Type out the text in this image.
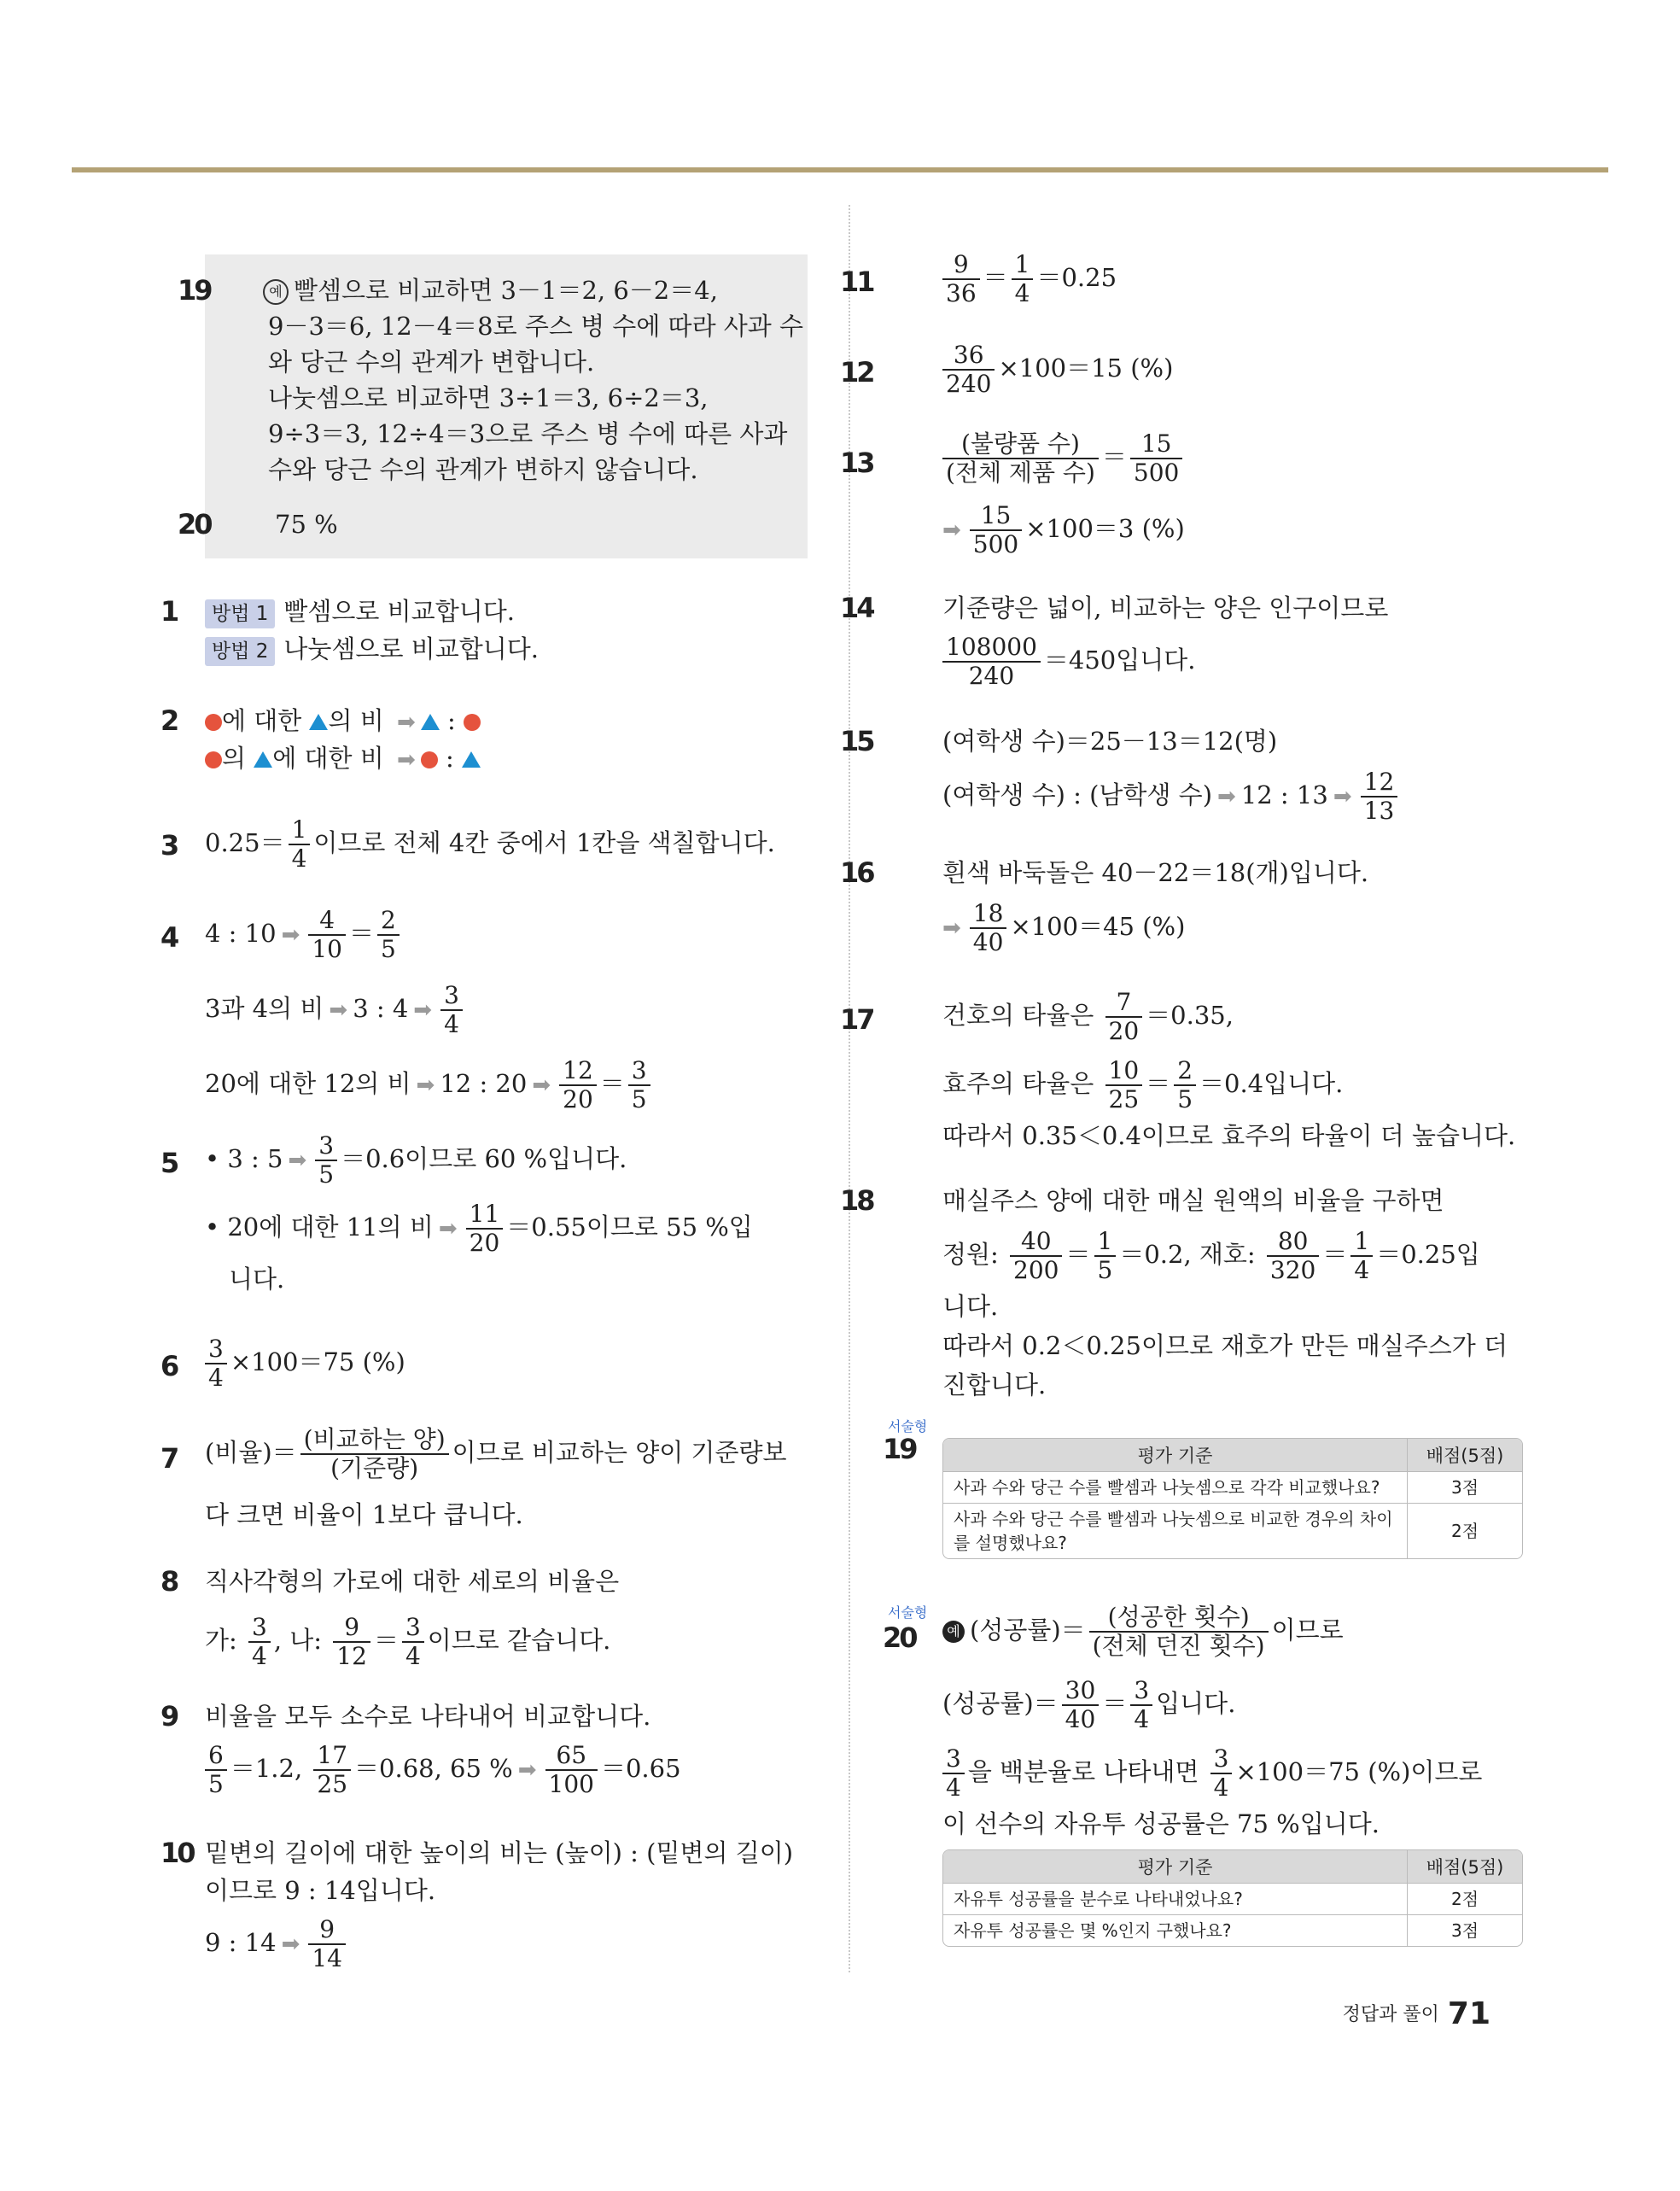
19	예 빨셈으로 비교하면 3－1＝2, 6－2＝4,
9－3＝6, 12－4＝8로 주스 병 수에 따라 사과 수
와 당근 수의 관계가 변합니다.
나눗셈으로 비교하면 3÷1＝3, 6÷2＝3,
9÷3＝3, 12÷4＝3으로 주스 병 수에 따른 사과
수와 당근 수의 관계가 변하지 않습니다.
20	75 %
1	방법 1 빨셈으로 비교합니다.
방법 2 나눗셈으로 비교합니다.
2	에 대한 의 비 ➡ :
의 에 대한 비 ➡ :
3 $0.25= \frac{1}{4}$ 이므로 전체 4칸 중에서 1칸을 색칠합니다.
4 4 : 10 ➡ $\frac{4}{10} = \frac{2}{5}$
3과 4의 비 ➡ 3 : 4 ➡ $\frac{3}{4}$
20에 대한 12의 비 ➡ 12 : 20 ➡ $\frac{12}{20} = \frac{3}{5}$
5 • 3 : 5 ➡ $\frac{3}{5} =0.6$이므로 60 %입니다.
• 20에 대한 11의 비 ➡ $\frac{11}{20} =0.55$이므로 55 %입
니다.
$6 \frac{3}{4} \times 100=75$ (%)
7 (비율)＝ $\frac{\text{(비교하는 양)}}{\text{(기준량)}}$ 이므로 비교하는 양이 기준량보
다 크면 비율이 1보다 큽니다.
8 직사각형의 가로에 대한 세로의 비율은
가: $\frac{3}{4}$ , 나: $\frac{9}{12} = \frac{3}{4}$ 이므로 같습니다.
9 비율을 모두 소수로 나타내어 비교합니다.
$\frac{6}{5} =1.2$, $\frac{17}{25} =0.68$, 65 % ➡ $\frac{65}{100} =0.65$
10 밑변의 길이에 대한 높이의 비는 (높이) : (밑변의 길이)
이므로 9 : 14입니다.
9 : 14 ➡ $\frac{9}{14}$
11	$\frac{9}{36} = \frac{1}{4} =0.25$
12	$\frac{36}{240} \times 100=15$ (%)
13	$\frac{\text{(불량품 수)}}{\text{(전체 제품 수)}} = \frac{15}{500}$
➡ $\frac{15}{500} \times 100=3$ (%)
14	기준량은 넓이, 비교하는 양은 인구이므로
$\frac{108000}{240} =450$입니다.
15	(여학생 수)＝25－13＝12(명)
(여학생 수) : (남학생 수) ➡ 12 : 13 ➡ $\frac{12}{13}$
16	흰색 바둑돌은 40－22＝18(개)입니다.
➡ $\frac{18}{40} \times 100=45$ (%)
17	건호의 타율은 $\frac{7}{20} =0.35$,
효주의 타율은 $\frac{10}{25} = \frac{2}{5} =0.4$입니다.
따라서 0.35＜0.4이므로 효주의 타율이 더 높습니다.
18	매실주스 양에 대한 매실 원액의 비율을 구하면
정원: $\frac{40}{200} = \frac{1}{5} =0.2$, 재호: $\frac{80}{320} = \frac{1}{4} =0.25$입
니다.
따라서 0.2＜0.25이므로 재호가 만든 매실주스가 더
진합니다.
서술형
19	평가 기준	배점(5점)
사과 수와 당근 수를 빨셈과 나눗셈으로 각각 비교했나요?	3점
사과 수와 당근 수를 빨셈과 나눗셈으로 비교한 경우의 차이를 설명했나요?	2점
서술형
20	예 (성공률)＝ $\frac{\text{(성공한 횟수)}}{\text{(전체 던진 횟수)}}$ 이므로
(성공률)＝ $\frac{30}{40} = \frac{3}{4}$ 입니다.
$\frac{3}{4}$ 을 백분율로 나타내면 $\frac{3}{4} \times 100=75$ (%)이므로
이 선수의 자유투 성공률은 75 %입니다.
평가 기준	배점(5점)
자유투 성공률을 분수로 나타내었나요?	2점
자유투 성공률은 몇 %인지 구했나요?	3점
정답과 풀이 71
